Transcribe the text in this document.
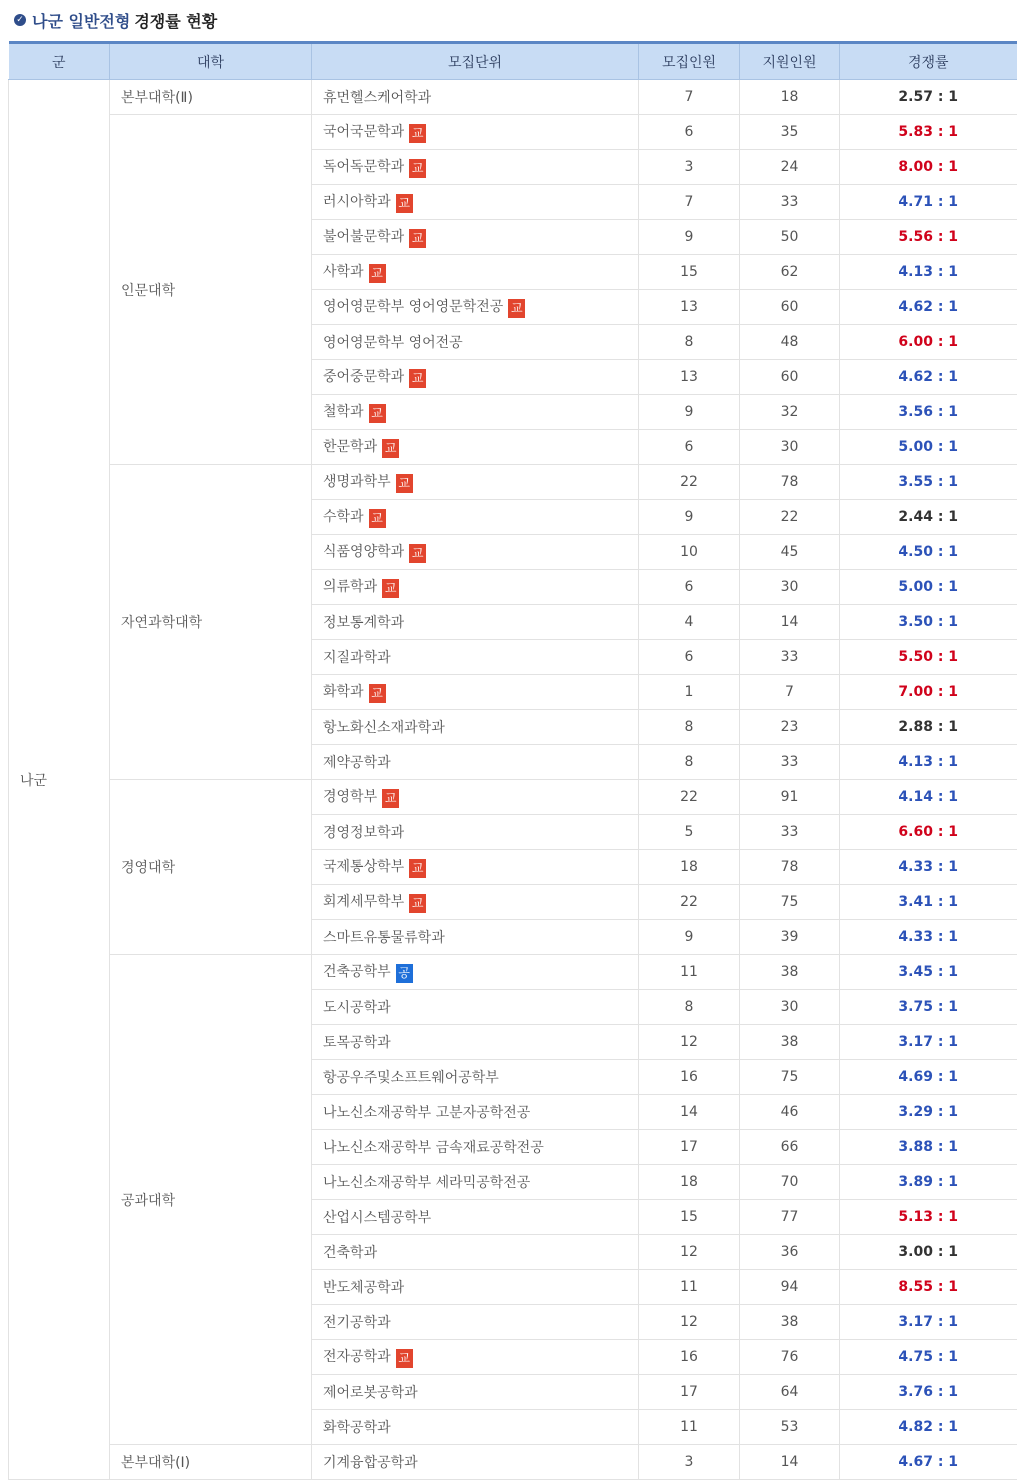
✓ 나군 일반전형 경쟁률 현황
군	대학	모집단위	모집인원	지원인원	경쟁률
나군	본부대학(Ⅱ)	휴먼헬스케어학과	7	18	2.57 : 1
	인문대학	국어국문학과 교	6	35	5.83 : 1
		독어독문학과 교	3	24	8.00 : 1
		러시아학과 교	7	33	4.71 : 1
		불어불문학과 교	9	50	5.56 : 1
		사학과 교	15	62	4.13 : 1
		영어영문학부 영어영문학전공 교	13	60	4.62 : 1
		영어영문학부 영어전공	8	48	6.00 : 1
		중어중문학과 교	13	60	4.62 : 1
		철학과 교	9	32	3.56 : 1
		한문학과 교	6	30	5.00 : 1
	자연과학대학	생명과학부 교	22	78	3.55 : 1
		수학과 교	9	22	2.44 : 1
		식품영양학과 교	10	45	4.50 : 1
		의류학과 교	6	30	5.00 : 1
		정보통계학과	4	14	3.50 : 1
		지질과학과	6	33	5.50 : 1
		화학과 교	1	7	7.00 : 1
		항노화신소재과학과	8	23	2.88 : 1
		제약공학과	8	33	4.13 : 1
	경영대학	경영학부 교	22	91	4.14 : 1
		경영정보학과	5	33	6.60 : 1
		국제통상학부 교	18	78	4.33 : 1
		회계세무학부 교	22	75	3.41 : 1
		스마트유통물류학과	9	39	4.33 : 1
	공과대학	건축공학부 공	11	38	3.45 : 1
		도시공학과	8	30	3.75 : 1
		토목공학과	12	38	3.17 : 1
		항공우주및소프트웨어공학부	16	75	4.69 : 1
		나노신소재공학부 고분자공학전공	14	46	3.29 : 1
		나노신소재공학부 금속재료공학전공	17	66	3.88 : 1
		나노신소재공학부 세라믹공학전공	18	70	3.89 : 1
		산업시스템공학부	15	77	5.13 : 1
		건축학과	12	36	3.00 : 1
		반도체공학과	11	94	8.55 : 1
		전기공학과	12	38	3.17 : 1
		전자공학과 교	16	76	4.75 : 1
		제어로봇공학과	17	64	3.76 : 1
		화학공학과	11	53	4.82 : 1
	본부대학(Ⅰ)	기계융합공학과	3	14	4.67 : 1
